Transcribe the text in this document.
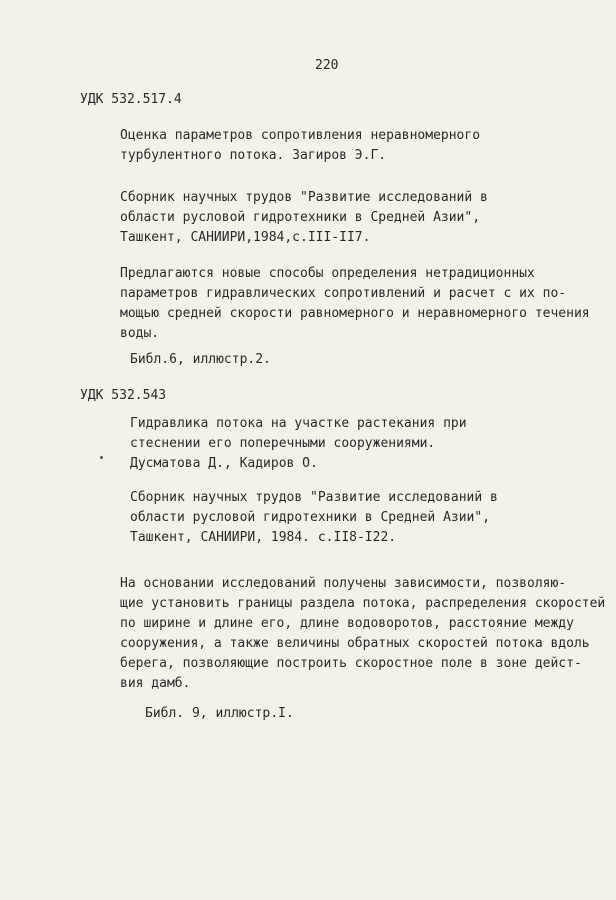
220

УДК 532.517.4

Оценка параметров сопротивления неравномерного

турбулентного потока. Загиров Э.Г.

Сборник научных трудов "Развитие исследований в

области русловой гидротехники в Средней Азии",

Ташкент, САНИИРИ,1984,с.III-II7.

Предлагаются новые способы определения нетрадиционных

параметров гидравлических сопротивлений и расчет с их по-

мощью средней скорости равномерного и неравномерного течения

воды.

Библ.6, иллюстр.2.

УДК 532.543

Гидравлика потока на участке растекания при

стеснении его поперечными сооружениями.

Дусматова Д., Кадиров О.

Сборник научных трудов "Развитие исследований в

области русловой гидротехники в Средней Азии",

Ташкент, САНИИРИ, 1984. с.II8-I22.

На основании исследований получены зависимости, позволяю-

щие установить границы раздела потока, распределения скоростей

по ширине и длине его, длине водоворотов, расстояние между

сооружения, а также величины обратных скоростей потока вдоль

берега, позволяющие построить скоростное поле в зоне дейст-

вия дамб.

Библ. 9, иллюстр.I.
